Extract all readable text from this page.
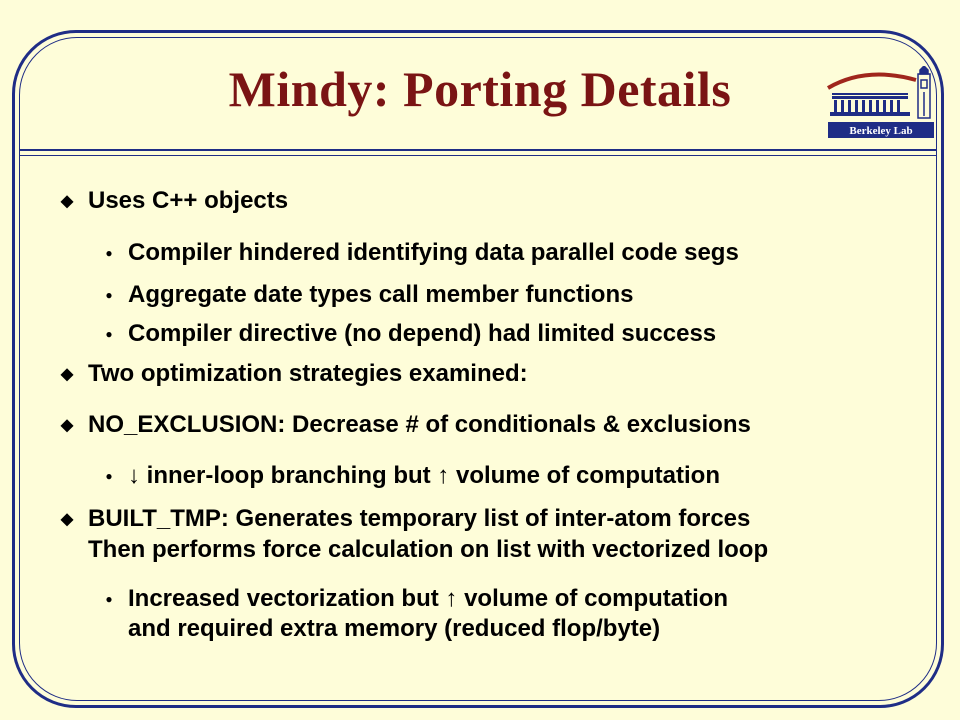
Mindy: Porting Details
Berkeley Lab
◆ Uses C++ objects
● Compiler hindered identifying data parallel code segs
● Aggregate date types call member functions
● Compiler directive (no depend) had limited success
◆ Two optimization strategies examined:
◆ NO_EXCLUSION: Decrease # of conditionals & exclusions
● ↓ inner-loop branching but ↑ volume of computation
◆ BUILT_TMP: Generates temporary list of inter-atom forces
Then performs force calculation on list with vectorized loop
● Increased vectorization but ↑ volume of computation
and required extra memory (reduced flop/byte)
